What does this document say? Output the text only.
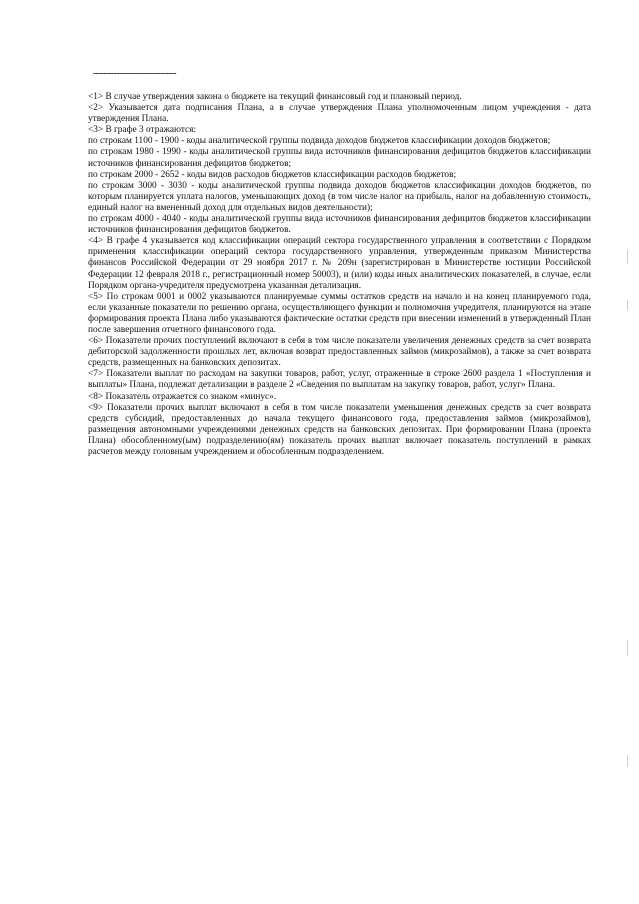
--------------------------------

<1> В случае утверждения закона о бюджете на текущий финансовый год и плановый период.

<2> Указывается дата подписания Плана, а в случае утверждения Плана уполномоченным лицом учреждения - дата утверждения Плана.

<3> В графе 3 отражаются:

по строкам 1100 - 1900 - коды аналитической группы подвида доходов бюджетов классификации доходов бюджетов;

по строкам 1980 - 1990 - коды аналитической группы вида источников финансирования дефицитов бюджетов классификации источников финансирования дефицитов бюджетов;

по строкам 2000 - 2652 - коды видов расходов бюджетов классификации расходов бюджетов;

по строкам 3000 - 3030 - коды аналитической группы подвида доходов бюджетов классификации доходов бюджетов, по которым планируется уплата налогов, уменьшающих доход (в том числе налог на прибыль, налог на добавленную стоимость, единый налог на вмененный доход для отдельных видов деятельности);

по строкам 4000 - 4040 - коды аналитической группы вида источников финансирования дефицитов бюджетов классификации источников финансирования дефицитов бюджетов.

<4> В графе 4 указывается код классификации операций сектора государственного управления в соответствии с Порядком применения классификации операций сектора государственного управления, утвержденным приказом Министерства финансов Российской Федерации от 29 ноября 2017 г. № 209н (зарегистрирован в Министерстве юстиции Российской Федерации 12 февраля 2018 г., регистрационный номер 50003), и (или) коды иных аналитических показателей, в случае, если Порядком органа-учредителя предусмотрена указанная детализация.

<5> По строкам 0001 и 0002 указываются планируемые суммы остатков средств на начало и на конец планируемого года, если указанные показатели по решению органа, осуществляющего функции и полномочия учредителя, планируются на этапе формирования проекта Плана либо указываются фактические остатки средств при внесении изменений в утвержденный План после завершения отчетного финансового года.

<6> Показатели прочих поступлений включают в себя в том числе показатели увеличения денежных средств за счет возврата дебиторской задолженности прошлых лет, включая возврат предоставленных займов (микрозаймов), а также за счет возврата средств, размещенных на банковских депозитах.

<7> Показатели выплат по расходам на закупки товаров, работ, услуг, отраженные в строке 2600 раздела 1 «Поступления и выплаты» Плана, подлежат детализации в разделе 2 «Сведения по выплатам на закупку товаров, работ, услуг» Плана.

<8> Показатель отражается со знаком «минус».

<9> Показатели прочих выплат включают в себя в том числе показатели уменьшения денежных средств за счет возврата средств субсидий, предоставленных до начала текущего финансового года, предоставления займов (микрозаймов), размещения автономными учреждениями денежных средств на банковских депозитах. При формировании Плана (проекта Плана) обособленному(ым) подразделению(ям) показатель прочих выплат включает показатель поступлений в рамках расчетов между головным учреждением и обособленным подразделением.
